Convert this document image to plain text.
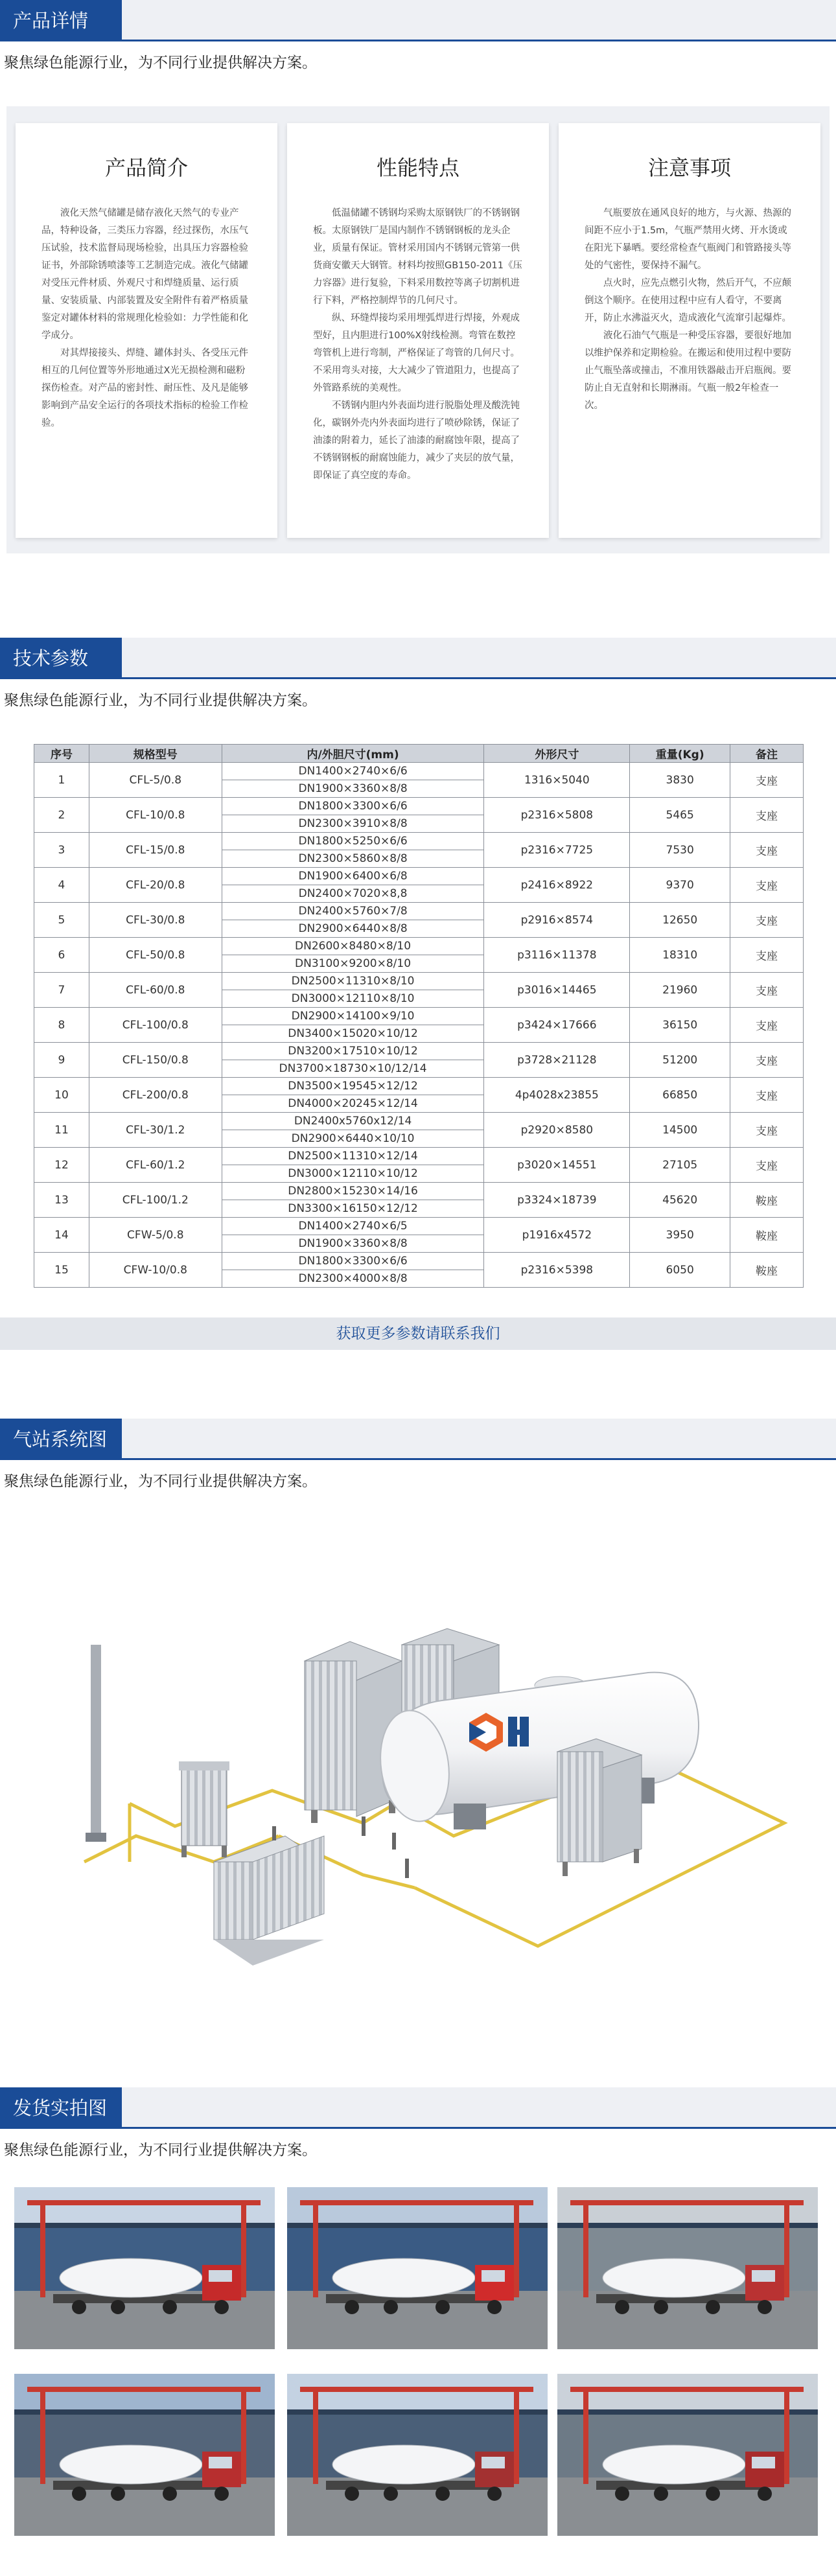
产品详情
聚焦绿色能源行业，为不同行业提供解决方案。
产品简介

液化天然气储罐是储存液化天然气的专业产品，特种设备，三类压力容器，经过探伤，水压气压试验，技术监督局现场检验，出具压力容器检验证书，外部除锈喷漆等工艺制造完成。液化气储罐对受压元件材质、外观尺寸和焊缝质量、运行质量、安装质量、内部装置及安全附件有着严格质量鉴定对罐体材料的常规理化检验如：力学性能和化学成分。

对其焊接接头、焊缝、罐体封头、各受压元件相互的几何位置等外形地通过X光无损检测和磁粉探伤检查。对产品的密封性、耐压性、及凡是能够影响到产品安全运行的各项技术指标的检验工作检验。

性能特点

低温储罐不锈钢均采购太原钢铁厂的不锈钢钢板。太原钢铁厂是国内制作不锈钢钢板的龙头企业，质量有保证。管材采用国内不锈钢元管第一供货商安徽天大钢管。材料均按照GB150-2011《压力容器》进行复验，下料采用数控等离子切割机进行下料，严格控制焊节的几何尺寸。

纵、环缝焊接均采用埋弧焊进行焊接，外观成型好，且内胆进行100%X射线检测。弯管在数控弯管机上进行弯制，严格保证了弯管的几何尺寸。不采用弯头对接，大大减少了管道阻力，也提高了外管路系统的美观性。

不锈钢内胆内外表面均进行脱脂处理及酸洗钝化，碳钢外壳内外表面均进行了喷砂除锈，保证了油漆的附着力，延长了油漆的耐腐蚀年限，提高了不锈钢钢板的耐腐蚀能力，减少了夹层的放气量，即保证了真空度的寿命。

注意事项

气瓶要放在通风良好的地方，与火源、热源的间距不应小于1.5m，气瓶严禁用火烤、开水烫或在阳光下暴晒。要经常检查气瓶阀门和管路接头等处的气密性，要保持不漏气。

点火时，应先点燃引火物，然后开气，不应颠倒这个顺序。在使用过程中应有人看守，不要离开，防止水沸溢灭火，造成液化气流窜引起爆炸。

液化石油气气瓶是一种受压容器，要很好地加以维护保养和定期检验。在搬运和使用过程中要防止气瓶坠落或撞击，不准用铁器敲击开启瓶阀。要防止自无直射和长期淋雨。气瓶一般2年检查一次。

技术参数
聚焦绿色能源行业，为不同行业提供解决方案。
序号	规格型号	内/外胆尺寸(mm)	外形尺寸	重量(Kg)	备注
1	CFL-5/0.8	DN1400×2740×6/6	1316×5040	3830	支座
		DN1900×3360×8/8			
2	CFL-10/0.8	DN1800×3300×6/6	p2316×5808	5465	支座
		DN2300×3910×8/8			
3	CFL-15/0.8	DN1800×5250×6/6	p2316×7725	7530	支座
		DN2300×5860×8/8			
4	CFL-20/0.8	DN1900×6400×6/8	p2416×8922	9370	支座
		DN2400×7020×8,8			
5	CFL-30/0.8	DN2400×5760×7/8	p2916×8574	12650	支座
		DN2900×6440×8/8			
6	CFL-50/0.8	DN2600×8480×8/10	p3116×11378	18310	支座
		DN3100×9200×8/10			
7	CFL-60/0.8	DN2500×11310×8/10	p3016×14465	21960	支座
		DN3000×12110×8/10			
8	CFL-100/0.8	DN2900×14100×9/10	p3424×17666	36150	支座
		DN3400×15020×10/12			
9	CFL-150/0.8	DN3200×17510×10/12	p3728×21128	51200	支座
		DN3700×18730×10/12/14			
10	CFL-200/0.8	DN3500×19545×12/12	4p4028x23855	66850	支座
		DN4000×20245×12/14			
11	CFL-30/1.2	DN2400x5760x12/14	p2920×8580	14500	支座
		DN2900×6440×10/10			
12	CFL-60/1.2	DN2500×11310×12/14	p3020×14551	27105	支座
		DN3000×12110×10/12			
13	CFL-100/1.2	DN2800×15230×14/16	p3324×18739	45620	鞍座
		DN3300×16150×12/12			
14	CFW-5/0.8	DN1400×2740×6/5	p1916x4572	3950	鞍座
		DN1900×3360×8/8			
15	CFW-10/0.8	DN1800×3300×6/6	p2316×5398	6050	鞍座
		DN2300×4000×8/8			
获取更多参数请联系我们
气站系统图
聚焦绿色能源行业，为不同行业提供解决方案。
发货实拍图
聚焦绿色能源行业，为不同行业提供解决方案。
